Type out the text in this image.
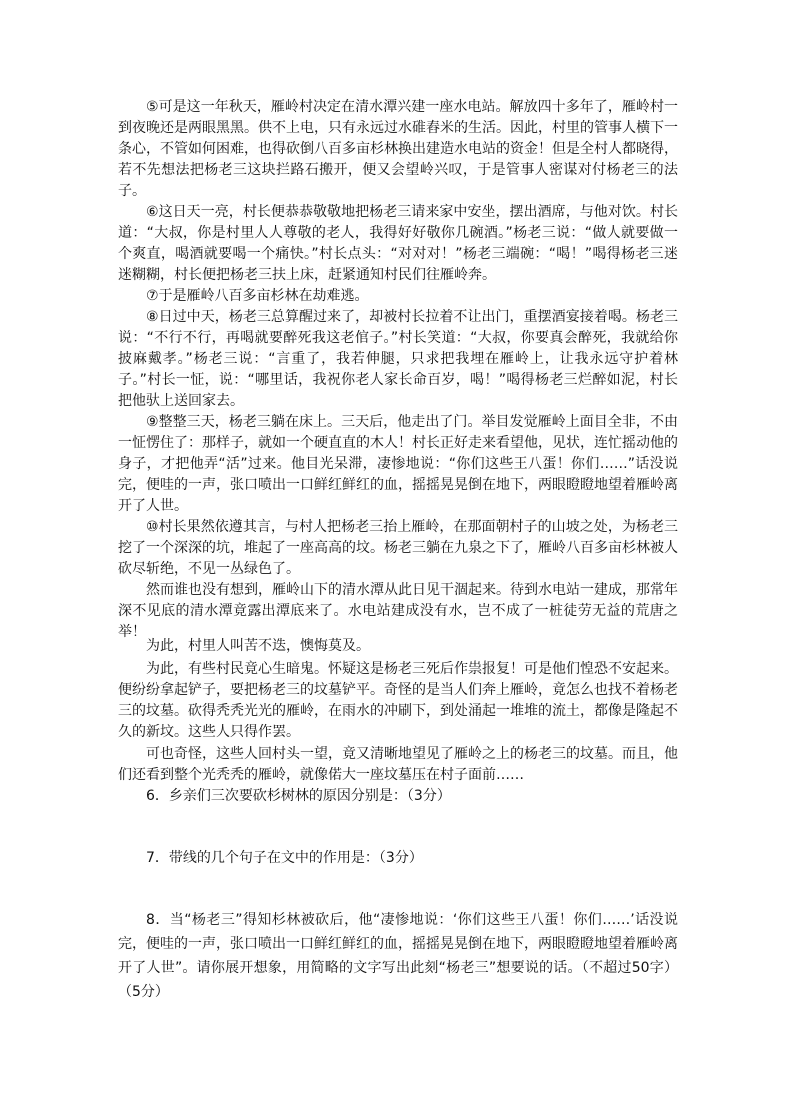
⑤可是这一年秋天，雁岭村决定在清水潭兴建一座水电站。解放四十多年了，雁岭村一到夜晚还是两眼黑黑。供不上电，只有永远过水碓舂米的生活。因此，村里的管事人横下一条心，不管如何困难，也得砍倒八百多亩杉林换出建造水电站的资金！但是全村人都晓得，若不先想法把杨老三这块拦路石搬开，便又会望岭兴叹，于是管事人密谋对付杨老三的法子。

⑥这日天一亮，村长便恭恭敬敬地把杨老三请来家中安坐，摆出酒席，与他对饮。村长道：“大叔，你是村里人人尊敬的老人，我得好好敬你几碗酒。”杨老三说：“做人就要做一个爽直，喝酒就要喝一个痛快。”村长点头：“对对对！”杨老三端碗：“喝！”喝得杨老三迷迷糊糊，村长便把杨老三扶上床，赶紧通知村民们往雁岭奔。

⑦于是雁岭八百多亩杉林在劫难逃。

⑧日过中天，杨老三总算醒过来了，却被村长拉着不让出门，重摆酒宴接着喝。杨老三说：“不行不行，再喝就要醉死我这老倌子。”村长笑道：“大叔，你要真会醉死，我就给你披麻戴孝。”杨老三说：“言重了，我若伸腿，只求把我埋在雁岭上，让我永远守护着林子。”村长一怔，说：“哪里话，我祝你老人家长命百岁，喝！”喝得杨老三烂醉如泥，村长把他驮上送回家去。

⑨整整三天，杨老三躺在床上。三天后，他走出了门。举目发觉雁岭上面目全非，不由一怔愣住了：那样子，就如一个硬直直的木人！村长正好走来看望他，见状，连忙摇动他的身子，才把他弄“活”过来。他目光呆滞，凄惨地说：“你们这些王八蛋！你们……”话没说完，便哇的一声，张口喷出一口鲜红鲜红的血，摇摇晃晃倒在地下，两眼瞪瞪地望着雁岭离开了人世。

⑩村长果然依遵其言，与村人把杨老三抬上雁岭，在那面朝村子的山坡之处，为杨老三挖了一个深深的坑，堆起了一座高高的坟。杨老三躺在九泉之下了，雁岭八百多亩杉林被人砍尽斩绝，不见一丛绿色了。

然而谁也没有想到，雁岭山下的清水潭从此日见干涸起来。待到水电站一建成，那常年深不见底的清水潭竟露出潭底来了。水电站建成没有水，岂不成了一桩徒劳无益的荒唐之举！

为此，村里人叫苦不迭，懊悔莫及。

为此，有些村民竟心生暗鬼。怀疑这是杨老三死后作祟报复！可是他们惶恐不安起来。便纷纷拿起铲子，要把杨老三的坟墓铲平。奇怪的是当人们奔上雁岭，竟怎么也找不着杨老三的坟墓。砍得秃秃光光的雁岭，在雨水的冲刷下，到处涌起一堆堆的流土，都像是隆起不久的新坟。这些人只得作罢。

可也奇怪，这些人回村头一望，竟又清晰地望见了雁岭之上的杨老三的坟墓。而且，他们还看到整个光秃秃的雁岭，就像偌大一座坟墓压在村子面前……

6．乡亲们三次要砍杉树林的原因分别是：（3分）

7．带线的几个句子在文中的作用是：（3分）

8．当“杨老三”得知杉林被砍后，他“凄惨地说：‘你们这些王八蛋！你们……’话没说完，便哇的一声，张口喷出一口鲜红鲜红的血，摇摇晃晃倒在地下，两眼瞪瞪地望着雁岭离开了人世”。请你展开想象，用简略的文字写出此刻“杨老三”想要说的话。（不超过50字）（5分）
